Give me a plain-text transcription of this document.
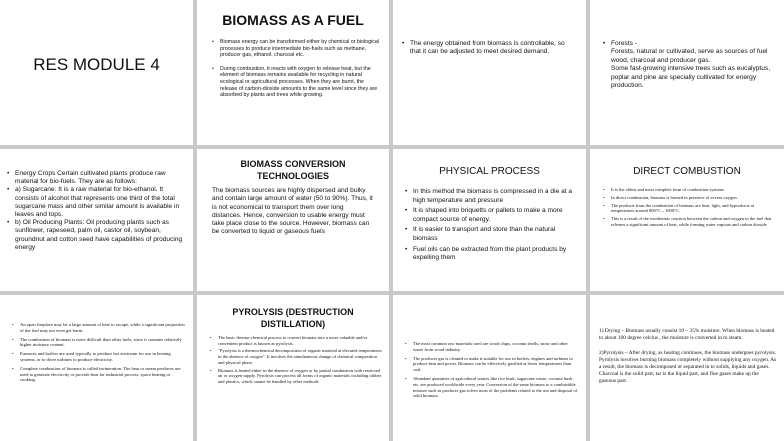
RES MODULE 4
BIOMASS AS A FUEL
• Biomass energy can be transformed either by chemical or biological processes to produce intermediate bio-fuels such as methane, producer gas, ethanol, charcoal etc.
• During combustion, it reacts with oxygen to release heat, but the element of biomass remains available for recycling in natural ecological or agricultural processes. When they are burnt, the release of carbon-dioxide amounts to the same level since they are absorbed by plants and trees while growing.
• The energy obtained from biomass is controllable, so that it can be adjusted to meet desired demand.
• Forests -

Forests, natural or cultivated, serve as sources of fuel wood, charcoal and producer gas.

Some fast-growing intensive trees such as eucalyptus, poplar and pine are specially cultivated for energy production.

• Energy Crops Certain cultivated plants produce raw material for bio-fuels. They are as follows:
• a) Sugarcane: It is a raw material for bio-ethanol. It consists of alcohol that represents one third of the total sugarcane mass and other similar amount is available in leaves and tops.
• b) Oil Producing Plants: Oil producing plants such as sunflower, rapeseed, palm oil, castor oil, soybean, groundnut and cotton seed have capabilities of producing energy
BIOMASS CONVERSION TECHNOLOGIES

The biomass sources are highly dispersed and bulky and contain large amount of water (50 to 90%). Thus, it is not economical to transport them over long distances. Hence, conversion to usable energy must take place close to the source. However, biomass can be converted to liquid or gaseous fuels

PHYSICAL PROCESS
• In this method the biomass is compressed in a die at a high temperature and pressure
• It is shaped into briquetts or pallets to make a more compact source of energy.
• It is easier to transport and store than the natural biomass
• Fuel oils can be extracted from the plant products by expelling them
DIRECT COMBUSTION
• It is the oldest and most complete form of combustion systems.
• In direct combustion, biomass is burned in presence of excess oxygen.
• The products from the combustion of biomass are heat, light, and byproducts at temperatures around 800°C – 1000°C.
• This is a result of the exothermic reaction between the carbon and oxygen in the fuel that releases a significant amount of heat, while forming water vapours and carbon dioxide
• An open fireplace may let a large amount of heat to escape, while a significant proportion of the fuel may not even get burnt.
• The combustion of biomass is more difficult than other fuels, since it contains relatively higher moisture content.
• Furnaces and boilers are used typically to produce hot airstream for use in heating systems, or to drive turbines to produce electricity.
• Complete combustion of biomass is called incineration. The heat or steam produces are used to generate electricity or provide heat for industrial process, space heating or cooking.
PYROLYSIS (DESTRUCTION DISTILLATION)
• The basic thermo-chemical process to convert biomass into a more valuable and/or convenient product is known as pyrolysis.
• "Pyrolysis is a thermochemical decomposition of organic material at elevated temperatures in the absence of oxygen". It involves the simultaneous change of chemical composition and physical phase.
• Biomass is heated either in the absence of oxygen or by partial combustion with restricted air or oxygen supply. Pyrolysis can process all forms of organic materials including rubber and plastics, which cannot be handled by other methods
• The most common raw materials used are wood chips, coconut shells, straw and other waste from wood industry.
• The producer gas is cleaned to make it suitable for use in boilers, engines and turbines to produce heat and power. Biomass can be effectively gasified at lower temperatures than coal.
• Abundant quantities of agricultural wastes like rice husk, sugarcane waste, coconut husk etc. are produced worldwide every year. Conversion of the same biomass to a combustible mixture such as producer gas solves most of the problems related to the use and disposal of solid biomass.

1) Drying – Biomass usually consist 10 – 35% moisture. When biomass is heated to about 100 degree celcius , the moisture is converted in to steam.

2)Pyrolysis – After drying, as heating continues, the biomass undergoes pyrolysis. Pyrolysis involves burning biomass completely without supplying any oxygen. As a result, the biomass is decomposed or separated in to solids, liquids and gases. Charcoal is the solid part, tar is the liquid part, and flue gases make up the gaseous part.
